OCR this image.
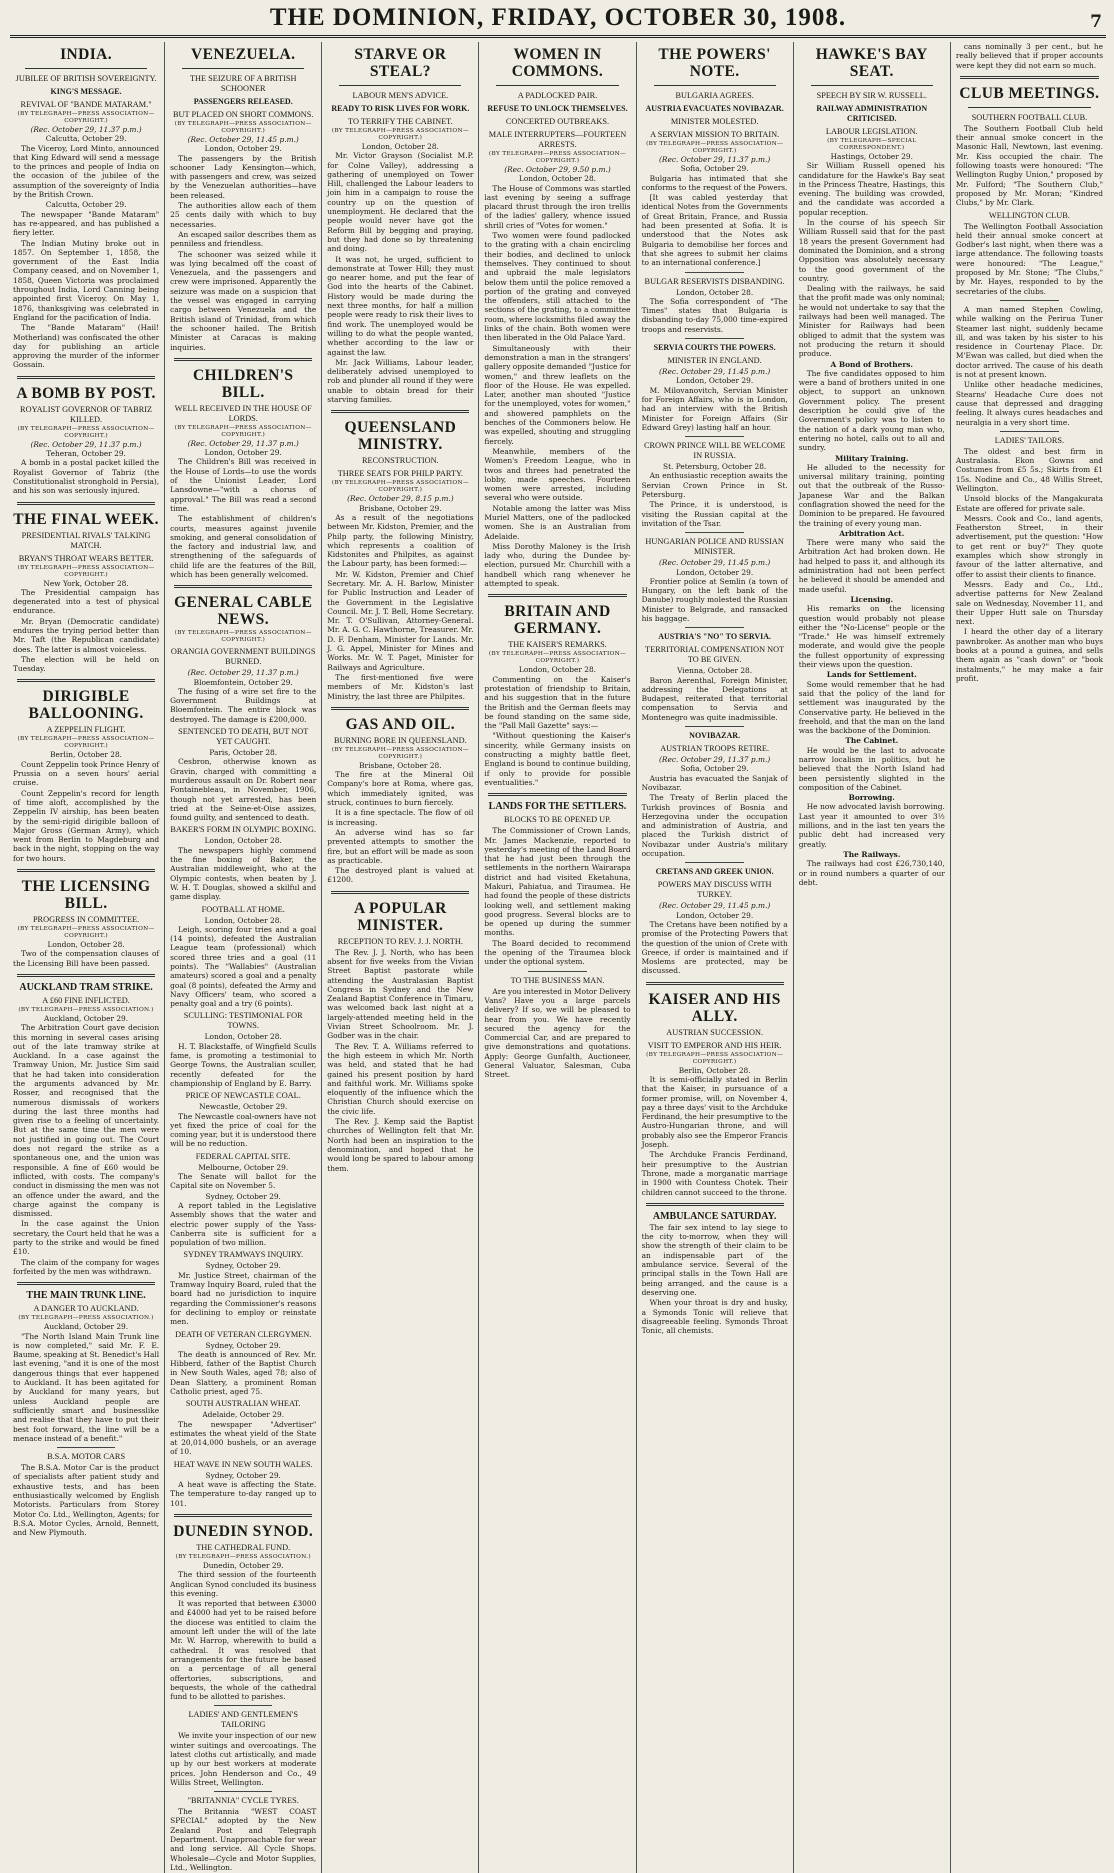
THE DOMINION, FRIDAY, OCTOBER 30, 1908.	7
INDIA.
JUBILEE OF BRITISH SOVEREIGNTY.
KING'S MESSAGE.
REVIVAL OF "BANDE MATARAM."
(BY TELEGRAPH—PRESS ASSOCIATION—COPYRIGHT.)
(Rec. October 29, 11.37 p.m.)
Calcutta, October 29.

The Viceroy, Lord Minto, announced that King Edward will send a message to the princes and people of India on the occasion of the jubilee of the assumption of the sovereignty of India by the British Crown.

Calcutta, October 29.

The newspaper "Bande Mataram" has re-appeared, and has published a fiery letter.

The Indian Mutiny broke out in 1857. On September 1, 1858, the government of the East India Company ceased, and on November 1, 1858, Queen Victoria was proclaimed throughout India, Lord Canning being appointed first Viceroy. On May 1, 1876, thanksgiving was celebrated in England for the pacification of India.

The "Bande Mataram" (Hail! Motherland) was confiscated the other day for publishing an article approving the murder of the informer Gossain.

A BOMB BY POST.
ROYALIST GOVERNOR OF TABRIZ KILLED.
(BY TELEGRAPH—PRESS ASSOCIATION—COPYRIGHT.)
(Rec. October 29, 11.37 p.m.)
Teheran, October 29.

A bomb in a postal packet killed the Royalist Governor of Tabriz (the Constitutionalist stronghold in Persia), and his son was seriously injured.

THE FINAL WEEK.
PRESIDENTIAL RIVALS' TALKING MATCH.
BRYAN'S THROAT WEARS BETTER.
(BY TELEGRAPH—PRESS ASSOCIATION—COPYRIGHT.)
New York, October 28.

The Presidential campaign has degenerated into a test of physical endurance.

Mr. Bryan (Democratic candidate) endures the trying period better than Mr. Taft (the Republican candidate) does. The latter is almost voiceless.

The election will be held on Tuesday.

DIRIGIBLE BALLOONING.
A ZEPPELIN FLIGHT.
(BY TELEGRAPH—PRESS ASSOCIATION—COPYRIGHT.)
Berlin, October 28.

Count Zeppelin took Prince Henry of Prussia on a seven hours' aerial cruise.

Count Zeppelin's record for length of time aloft, accomplished by the Zeppelin IV airship, has been beaten by the semi-rigid dirigible balloon of Major Gross (German Army), which went from Berlin to Magdeburg and back in the night, stopping on the way for two hours.

THE LICENSING BILL.
PROGRESS IN COMMITTEE.
(BY TELEGRAPH—PRESS ASSOCIATION—COPYRIGHT.)
London, October 28.

Two of the compensation clauses of the Licensing Bill have been passed.

AUCKLAND TRAM STRIKE.
A £60 FINE INFLICTED.
(BY TELEGRAPH—PRESS ASSOCIATION.)
Auckland, October 29.

The Arbitration Court gave decision this morning in several cases arising out of the late tramway strike at Auckland. In a case against the Tramway Union, Mr. Justice Sim said that he had taken into consideration the arguments advanced by Mr. Rosser, and recognised that the numerous dismissals of workers during the last three months had given rise to a feeling of uncertainty. But at the same time the men were not justified in going out. The Court does not regard the strike as a spontaneous one, and the union was responsible. A fine of £60 would be inflicted, with costs. The company's conduct in dismissing the men was not an offence under the award, and the charge against the company is dismissed.

In the case against the Union secretary, the Court held that he was a party to the strike and would be fined £10.

The claim of the company for wages forfeited by the men was withdrawn.

THE MAIN TRUNK LINE.
A DANGER TO AUCKLAND.
(BY TELEGRAPH—PRESS ASSOCIATION.)
Auckland, October 29.

"The North Island Main Trunk line is now completed," said Mr. F. E. Baume, speaking at St. Benedict's Hall last evening, "and it is one of the most dangerous things that ever happened to Auckland. It has been agitated for by Auckland for many years, but unless Auckland people are sufficiently smart and businesslike and realise that they have to put their best foot forward, the line will be a menace instead of a benefit."

B.S.A. MOTOR CARS

The B.S.A. Motor Car is the product of specialists after patient study and exhaustive tests, and has been enthusiastically welcomed by English Motorists. Particulars from Storey Motor Co. Ltd., Wellington, Agents; for B.S.A. Motor Cycles, Arnold, Bennett, and New Plymouth.

VENEZUELA.
THE SEIZURE OF A BRITISH SCHOONER
PASSENGERS RELEASED.
BUT PLACED ON SHORT COMMONS.
(BY TELEGRAPH—PRESS ASSOCIATION—COPYRIGHT.)
(Rec. October 29, 11.45 p.m.)
London, October 29.

The passengers by the British schooner Lady Kensington—which, with passengers and crew, was seized by the Venezuelan authorities—have been released.

The authorities allow each of them 25 cents daily with which to buy necessaries.

An escaped sailor describes them as penniless and friendless.

The schooner was seized while it was lying becalmed off the coast of Venezuela, and the passengers and crew were imprisoned. Apparently the seizure was made on a suspicion that the vessel was engaged in carrying cargo between Venezuela and the British island of Trinidad, from which the schooner hailed. The British Minister at Caracas is making inquiries.

CHILDREN'S BILL.
WELL RECEIVED IN THE HOUSE OF LORDS.
(BY TELEGRAPH—PRESS ASSOCIATION—COPYRIGHT.)
(Rec. October 29, 11.37 p.m.)
London, October 29.

The Children's Bill was received in the House of Lords—to use the words of the Unionist Leader, Lord Lansdowne—"with a chorus of approval." The Bill was read a second time.

The establishment of children's courts, measures against juvenile smoking, and general consolidation of the factory and industrial law, and strengthening of the safeguards of child life are the features of the Bill, which has been generally welcomed.

GENERAL CABLE NEWS.
(BY TELEGRAPH—PRESS ASSOCIATION—COPYRIGHT.)
ORANGIA GOVERNMENT BUILDINGS BURNED.
(Rec. October 29, 11.37 p.m.)
Bloemfontein, October 29.

The fusing of a wire set fire to the Government Buildings at Bloemfontein. The entire block was destroyed. The damage is £200,000.

SENTENCED TO DEATH, BUT NOT YET CAUGHT.
Paris, October 28.

Cesbron, otherwise known as Gravin, charged with committing a murderous assault on Dr. Robert near Fontainebleau, in November, 1906, though not yet arrested, has been tried at the Seine-et-Oise assizes, found guilty, and sentenced to death.

BAKER'S FORM IN OLYMPIC BOXING.
London, October 28.

The newspapers highly commend the fine boxing of Baker, the Australian middleweight, who at the Olympic contests, when beaten by J. W. H. T. Douglas, showed a skilful and game display.

FOOTBALL AT HOME.
London, October 28.

Leigh, scoring four tries and a goal (14 points), defeated the Australian League team (professional) which scored three tries and a goal (11 points). The "Wallabies" (Australian amateurs) scored a goal and a penalty goal (8 points), defeated the Army and Navy Officers' team, who scored a penalty goal and a try (6 points).

SCULLING: TESTIMONIAL FOR TOWNS.
London, October 28.

H. T. Blackstaffe, of Wingfield Sculls fame, is promoting a testimonial to George Towns, the Australian sculler, recently defeated for the championship of England by E. Barry.

PRICE OF NEWCASTLE COAL.
Newcastle, October 29.

The Newcastle coal-owners have not yet fixed the price of coal for the coming year, but it is understood there will be no reduction.

FEDERAL CAPITAL SITE.
Melbourne, October 29.

The Senate will ballot for the Capital site on November 5.

Sydney, October 29.

A report tabled in the Legislative Assembly shows that the water and electric power supply of the Yass-Canberra site is sufficient for a population of two million.

SYDNEY TRAMWAYS INQUIRY.
Sydney, October 29.

Mr. Justice Street, chairman of the Tramway Inquiry Board, ruled that the board had no jurisdiction to inquire regarding the Commissioner's reasons for declining to employ or reinstate men.

DEATH OF VETERAN CLERGYMEN.
Sydney, October 29.

The death is announced of Rev. Mr. Hibberd, father of the Baptist Church in New South Wales, aged 78; also of Dean Slattery, a prominent Roman Catholic priest, aged 75.

SOUTH AUSTRALIAN WHEAT.
Adelaide, October 29.

The newspaper "Advertiser" estimates the wheat yield of the State at 20,014,000 bushels, or an average of 10.

HEAT WAVE IN NEW SOUTH WALES.
Sydney, October 29.

A heat wave is affecting the State. The temperature to-day ranged up to 101.

DUNEDIN SYNOD.
THE CATHEDRAL FUND.
(BY TELEGRAPH—PRESS ASSOCIATION.)
Dunedin, October 29.

The third session of the fourteenth Anglican Synod concluded its business this evening.

It was reported that between £3000 and £4000 had yet to be raised before the diocese was entitled to claim the amount left under the will of the late Mr. W. Harrop, wherewith to build a cathedral. It was resolved that arrangements for the future be based on a percentage of all general offertories, subscriptions, and bequests, the whole of the cathedral fund to be allotted to parishes.

LADIES' AND GENTLEMEN'S TAILORING

We invite your inspection of our new winter suitings and overcoatings. The latest cloths cut artistically, and made up by our best workers at moderate prices. John Henderson and Co., 49 Willis Street, Wellington.

"BRITANNIA" CYCLE TYRES.

The Britannia "WEST COAST SPECIAL" adopted by the New Zealand Post and Telegraph Department. Unapproachable for wear and long service. All Cycle Shops. Wholesale—Cycle and Motor Supplies, Ltd., Wellington.

STARVE OR STEAL?
LABOUR MEN'S ADVICE.
READY TO RISK LIVES FOR WORK.
TO TERRIFY THE CABINET.
(BY TELEGRAPH—PRESS ASSOCIATION—COPYRIGHT.)
London, October 28.

Mr. Victor Grayson (Socialist M.P. for Colne Valley), addressing a gathering of unemployed on Tower Hill, challenged the Labour leaders to join him in a campaign to rouse the country up on the question of unemployment. He declared that the people would never have got the Reform Bill by begging and praying, but they had done so by threatening and doing.

It was not, he urged, sufficient to demonstrate at Tower Hill; they must go nearer home, and put the fear of God into the hearts of the Cabinet. History would be made during the next three months, for half a million people were ready to risk their lives to find work. The unemployed would be willing to do what the people wanted, whether according to the law or against the law.

Mr. Jack Williams, Labour leader, deliberately advised unemployed to rob and plunder all round if they were unable to obtain bread for their starving families.

QUEENSLAND MINISTRY.
RECONSTRUCTION.
THREE SEATS FOR PHILP PARTY.
(BY TELEGRAPH—PRESS ASSOCIATION—COPYRIGHT.)
(Rec. October 29, 8.15 p.m.)
Brisbane, October 29.

As a result of the negotiations between Mr. Kidston, Premier, and the Philp party, the following Ministry, which represents a coalition of Kidstonites and Philpites, as against the Labour party, has been formed:—

Mr. W. Kidston, Premier and Chief Secretary. Mr. A. H. Barlow, Minister for Public Instruction and Leader of the Government in the Legislative Council. Mr. J. T. Bell, Home Secretary. Mr. T. O'Sullivan, Attorney-General. Mr. A. G. C. Hawthorne, Treasurer. Mr. D. F. Denham, Minister for Lands. Mr. J. G. Appel, Minister for Mines and Works. Mr. W. T. Paget, Minister for Railways and Agriculture.

The first-mentioned five were members of Mr. Kidston's last Ministry, the last three are Philpites.

GAS AND OIL.
BURNING BORE IN QUEENSLAND.
(BY TELEGRAPH—PRESS ASSOCIATION—COPYRIGHT.)
Brisbane, October 28.

The fire at the Mineral Oil Company's bore at Roma, where gas, which immediately ignited, was struck, continues to burn fiercely.

It is a fine spectacle. The flow of oil is increasing.

An adverse wind has so far prevented attempts to smother the fire, but an effort will be made as soon as practicable.

The destroyed plant is valued at £1200.

A POPULAR MINISTER.
RECEPTION TO REV. J. J. NORTH.

The Rev. J. J. North, who has been absent for five weeks from the Vivian Street Baptist pastorate while attending the Australasian Baptist Congress in Sydney and the New Zealand Baptist Conference in Timaru, was welcomed back last night at a largely-attended meeting held in the Vivian Street Schoolroom. Mr. J. Godber was in the chair.

The Rev. T. A. Williams referred to the high esteem in which Mr. North was held, and stated that he had gained his present position by hard and faithful work. Mr. Williams spoke eloquently of the influence which the Christian Church should exercise on the civic life.

The Rev. J. Kemp said the Baptist churches of Wellington felt that Mr. North had been an inspiration to the denomination, and hoped that he would long be spared to labour among them.

WOMEN IN COMMONS.
A PADLOCKED PAIR.
REFUSE TO UNLOCK THEMSELVES.
CONCERTED OUTBREAKS.
MALE INTERRUPTERS—FOURTEEN ARRESTS.
(BY TELEGRAPH—PRESS ASSOCIATION—COPYRIGHT.)
(Rec. October 29, 9.50 p.m.)
London, October 28.

The House of Commons was startled last evening by seeing a suffrage placard thrust through the iron trellis of the ladies' gallery, whence issued shrill cries of "Votes for women."

Two women were found padlocked to the grating with a chain encircling their bodies, and declined to unlock themselves. They continued to shout and upbraid the male legislators below them until the police removed a portion of the grating and conveyed the offenders, still attached to the sections of the grating, to a committee room, where locksmiths filed away the links of the chain. Both women were then liberated in the Old Palace Yard.

Simultaneously with their demonstration a man in the strangers' gallery opposite demanded "Justice for women," and threw leaflets on the floor of the House. He was expelled. Later, another man shouted "Justice for the unemployed, votes for women," and showered pamphlets on the benches of the Commoners below. He was expelled, shouting and struggling fiercely.

Meanwhile, members of the Women's Freedom League, who in twos and threes had penetrated the lobby, made speeches. Fourteen women were arrested, including several who were outside.

Notable among the latter was Miss Muriel Matters, one of the padlocked women. She is an Australian from Adelaide.

Miss Dorothy Maloney is the Irish lady who, during the Dundee by-election, pursued Mr. Churchill with a handbell which rang whenever he attempted to speak.

BRITAIN AND GERMANY.
THE KAISER'S REMARKS.
(BY TELEGRAPH—PRESS ASSOCIATION—COPYRIGHT.)
London, October 28.

Commenting on the Kaiser's protestation of friendship to Britain, and his suggestion that in the future the British and the German fleets may be found standing on the same side, the "Pall Mall Gazette" says:—

"Without questioning the Kaiser's sincerity, while Germany insists on constructing a mighty battle fleet, England is bound to continue building, if only to provide for possible eventualities."

LANDS FOR THE SETTLERS.
BLOCKS TO BE OPENED UP.

The Commissioner of Crown Lands, Mr. James Mackenzie, reported to yesterday's meeting of the Land Board that he had just been through the settlements in the northern Wairarapa district and had visited Eketahuna, Makuri, Pahiatua, and Tiraumea. He had found the people of these districts looking well, and settlement making good progress. Several blocks are to be opened up during the summer months.

The Board decided to recommend the opening of the Tiraumea block under the optional system.

TO THE BUSINESS MAN.

Are you interested in Motor Delivery Vans? Have you a large parcels delivery? If so, we will be pleased to hear from you. We have recently secured the agency for the Commercial Car, and are prepared to give demonstrations and quotations. Apply: George Gunfalth, Auctioneer, General Valuator, Salesman, Cuba Street.

THE POWERS' NOTE.
BULGARIA AGREES.
AUSTRIA EVACUATES NOVIBAZAR.
MINISTER MOLESTED.
A SERVIAN MISSION TO BRITAIN.
(BY TELEGRAPH—PRESS ASSOCIATION—COPYRIGHT.)
(Rec. October 29, 11.37 p.m.)
Sofia, October 29.

Bulgaria has intimated that she conforms to the request of the Powers.

[It was cabled yesterday that identical Notes from the Governments of Great Britain, France, and Russia had been presented at Sofia. It is understood that the Notes ask Bulgaria to demobilise her forces and that she agrees to submit her claims to an international conference.]

BULGAR RESERVISTS DISBANDING.
London, October 28.

The Sofia correspondent of "The Times" states that Bulgaria is disbanding to-day 75,000 time-expired troops and reservists.

SERVIA COURTS THE POWERS.
MINISTER IN ENGLAND.
(Rec. October 29, 11.45 p.m.)
London, October 29.

M. Milovanovitch, Servian Minister for Foreign Affairs, who is in London, had an interview with the British Minister for Foreign Affairs (Sir Edward Grey) lasting half an hour.

CROWN PRINCE WILL BE WELCOME IN RUSSIA.
St. Petersburg, October 28.

An enthusiastic reception awaits the Servian Crown Prince in St. Petersburg.

The Prince, it is understood, is visiting the Russian capital at the invitation of the Tsar.

HUNGARIAN POLICE AND RUSSIAN MINISTER.
(Rec. October 29, 11.45 p.m.)
London, October 29.

Frontier police at Semlin (a town of Hungary, on the left bank of the Danube) roughly molested the Russian Minister to Belgrade, and ransacked his baggage.

AUSTRIA'S "NO" TO SERVIA.
TERRITORIAL COMPENSATION NOT TO BE GIVEN.
Vienna, October 28.

Baron Aerenthal, Foreign Minister, addressing the Delegations at Budapest, reiterated that territorial compensation to Servia and Montenegro was quite inadmissible.

NOVIBAZAR.
AUSTRIAN TROOPS RETIRE.
(Rec. October 29, 11.37 p.m.)
Sofia, October 29.

Austria has evacuated the Sanjak of Novibazar.

The Treaty of Berlin placed the Turkish provinces of Bosnia and Herzegovina under the occupation and administration of Austria, and placed the Turkish district of Novibazar under Austria's military occupation.

CRETANS AND GREEK UNION.
POWERS MAY DISCUSS WITH TURKEY.
(Rec. October 29, 11.45 p.m.)
London, October 29.

The Cretans have been notified by a promise of the Protecting Powers that the question of the union of Crete with Greece, if order is maintained and if Moslems are protected, may be discussed.

KAISER AND HIS ALLY.
AUSTRIAN SUCCESSION.
VISIT TO EMPEROR AND HIS HEIR.
(BY TELEGRAPH—PRESS ASSOCIATION—COPYRIGHT.)
Berlin, October 28.

It is semi-officially stated in Berlin that the Kaiser, in pursuance of a former promise, will, on November 4, pay a three days' visit to the Archduke Ferdinand, the heir presumptive to the Austro-Hungarian throne, and will probably also see the Emperor Francis Joseph.

The Archduke Francis Ferdinand, heir presumptive to the Austrian Throne, made a morganatic marriage in 1900 with Countess Chotek. Their children cannot succeed to the throne.

AMBULANCE SATURDAY.

The fair sex intend to lay siege to the city to-morrow, when they will show the strength of their claim to be an indispensable part of the ambulance service. Several of the principal stalls in the Town Hall are being arranged, and the cause is a deserving one.

When your throat is dry and husky, a Symonds Tonic will relieve that disagreeable feeling. Symonds Throat Tonic, all chemists.

HAWKE'S BAY SEAT.
SPEECH BY SIR W. RUSSELL.
RAILWAY ADMINISTRATION CRITICISED.
LABOUR LEGISLATION.
(BY TELEGRAPH—SPECIAL CORRESPONDENT.)
Hastings, October 29.

Sir William Russell opened his candidature for the Hawke's Bay seat in the Princess Theatre, Hastings, this evening. The building was crowded, and the candidate was accorded a popular reception.

In the course of his speech Sir William Russell said that for the past 18 years the present Government had dominated the Dominion, and a strong Opposition was absolutely necessary to the good government of the country.

Dealing with the railways, he said that the profit made was only nominal; he would not undertake to say that the railways had been well managed. The Minister for Railways had been obliged to admit that the system was not producing the return it should produce.

A Bond of Brothers.

The five candidates opposed to him were a band of brothers united in one object, to support an unknown Government policy. The present description he could give of the Government's policy was to listen to the nation of a dark young man who, entering no hotel, calls out to all and sundry.

Military Training.

He alluded to the necessity for universal military training, pointing out that the outbreak of the Russo-Japanese War and the Balkan conflagration showed the need for the Dominion to be prepared. He favoured the training of every young man.

Arbitration Act.

There were many who said the Arbitration Act had broken down. He had helped to pass it, and although its administration had not been perfect he believed it should be amended and made useful.

Licensing.

His remarks on the licensing question would probably not please either the "No-License" people or the "Trade." He was himself extremely moderate, and would give the people the fullest opportunity of expressing their views upon the question.

Lands for Settlement.

Some would remember that he had said that the policy of the land for settlement was inaugurated by the Conservative party. He believed in the freehold, and that the man on the land was the backbone of the Dominion.

The Cabinet.

He would be the last to advocate narrow localism in politics, but he believed that the North Island had been persistently slighted in the composition of the Cabinet.

Borrowing.

He now advocated lavish borrowing. Last year it amounted to over 3½ millions, and in the last ten years the public debt had increased very greatly.

The Railways.

The railways had cost £26,730,140, or in round numbers a quarter of our debt.

cans nominally 3 per cent., but he really believed that if proper accounts were kept they did not earn so much.

CLUB MEETINGS.
SOUTHERN FOOTBALL CLUB.

The Southern Football Club held their annual smoke concert in the Masonic Hall, Newtown, last evening. Mr. Kiss occupied the chair. The following toasts were honoured: "The Wellington Rugby Union," proposed by Mr. Fulford; "The Southern Club," proposed by Mr. Moran; "Kindred Clubs," by Mr. Clark.

WELLINGTON CLUB.

The Wellington Football Association held their annual smoke concert at Godber's last night, when there was a large attendance. The following toasts were honoured: "The League," proposed by Mr. Stone; "The Clubs," by Mr. Hayes, responded to by the secretaries of the clubs.

A man named Stephen Cowling, while walking on the Perirua Tuner Steamer last night, suddenly became ill, and was taken by his sister to his residence in Courtenay Place. Dr. M'Ewan was called, but died when the doctor arrived. The cause of his death is not at present known.

Unlike other headache medicines, Stearns' Headache Cure does not cause that depressed and dragging feeling. It always cures headaches and neuralgia in a very short time.

LADIES' TAILORS.

The oldest and best firm in Australasia. Ekon Gowns and Costumes from £5 5s.; Skirts from £1 15s. Nodine and Co., 48 Willis Street, Wellington.

Unsold blocks of the Mangakurata Estate are offered for private sale.

Messrs. Cook and Co., land agents, Featherston Street, in their advertisement, put the question: "How to get rent or buy?" They quote examples which show strongly in favour of the latter alternative, and offer to assist their clients to finance.

Messrs. Eady and Co., Ltd., advertise patterns for New Zealand sale on Wednesday, November 11, and their Upper Hutt sale on Thursday next.

I heard the other day of a literary pawnbroker. As another man who buys books at a pound a guinea, and sells them again as "cash down" or "book instalments," he may make a fair profit.
